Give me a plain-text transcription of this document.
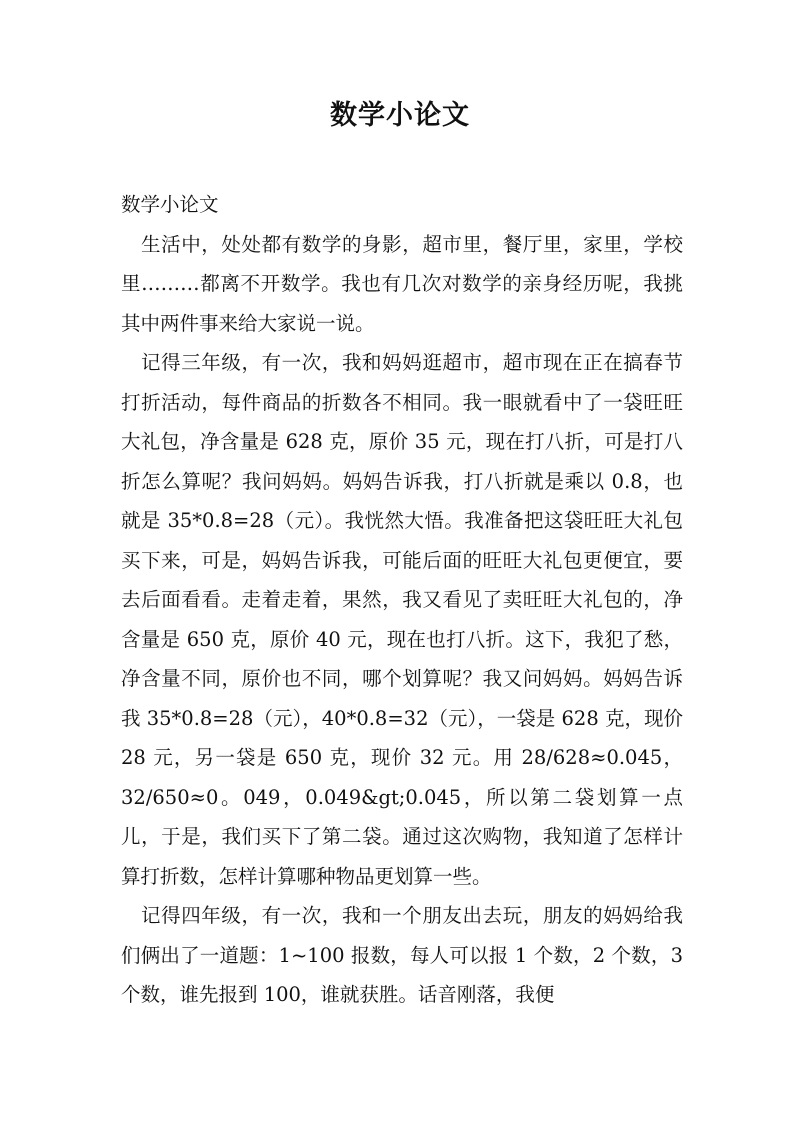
数学小论文

数学小论文

生活中，处处都有数学的身影，超市里，餐厅里，家里，学校里………都离不开数学。我也有几次对数学的亲身经历呢，我挑其中两件事来给大家说一说。

记得三年级，有一次，我和妈妈逛超市，超市现在正在搞春节打折活动，每件商品的折数各不相同。我一眼就看中了一袋旺旺大礼包，净含量是 628 克，原价 35 元，现在打八折，可是打八折怎么算呢？我问妈妈。妈妈告诉我，打八折就是乘以 0.8，也就是 35*0.8=28（元）。我恍然大悟。我准备把这袋旺旺大礼包买下来，可是，妈妈告诉我，可能后面的旺旺大礼包更便宜，要去后面看看。走着走着，果然，我又看见了卖旺旺大礼包的，净含量是 650 克，原价 40 元，现在也打八折。这下，我犯了愁，净含量不同，原价也不同，哪个划算呢？我又问妈妈。妈妈告诉我 35*0.8=28（元），40*0.8=32（元），一袋是 628 克，现价 28 元，另一袋是 650 克，现价 32 元。用 28/628≈0.045，32/650≈0。049，0.049&gt;0.045，所以第二袋划算一点儿，于是，我们买下了第二袋。通过这次购物，我知道了怎样计算打折数，怎样计算哪种物品更划算一些。

记得四年级，有一次，我和一个朋友出去玩，朋友的妈妈给我们俩出了一道题：1~100 报数，每人可以报 1 个数，2 个数，3 个数，谁先报到 100，谁就获胜。话音刚落，我便
